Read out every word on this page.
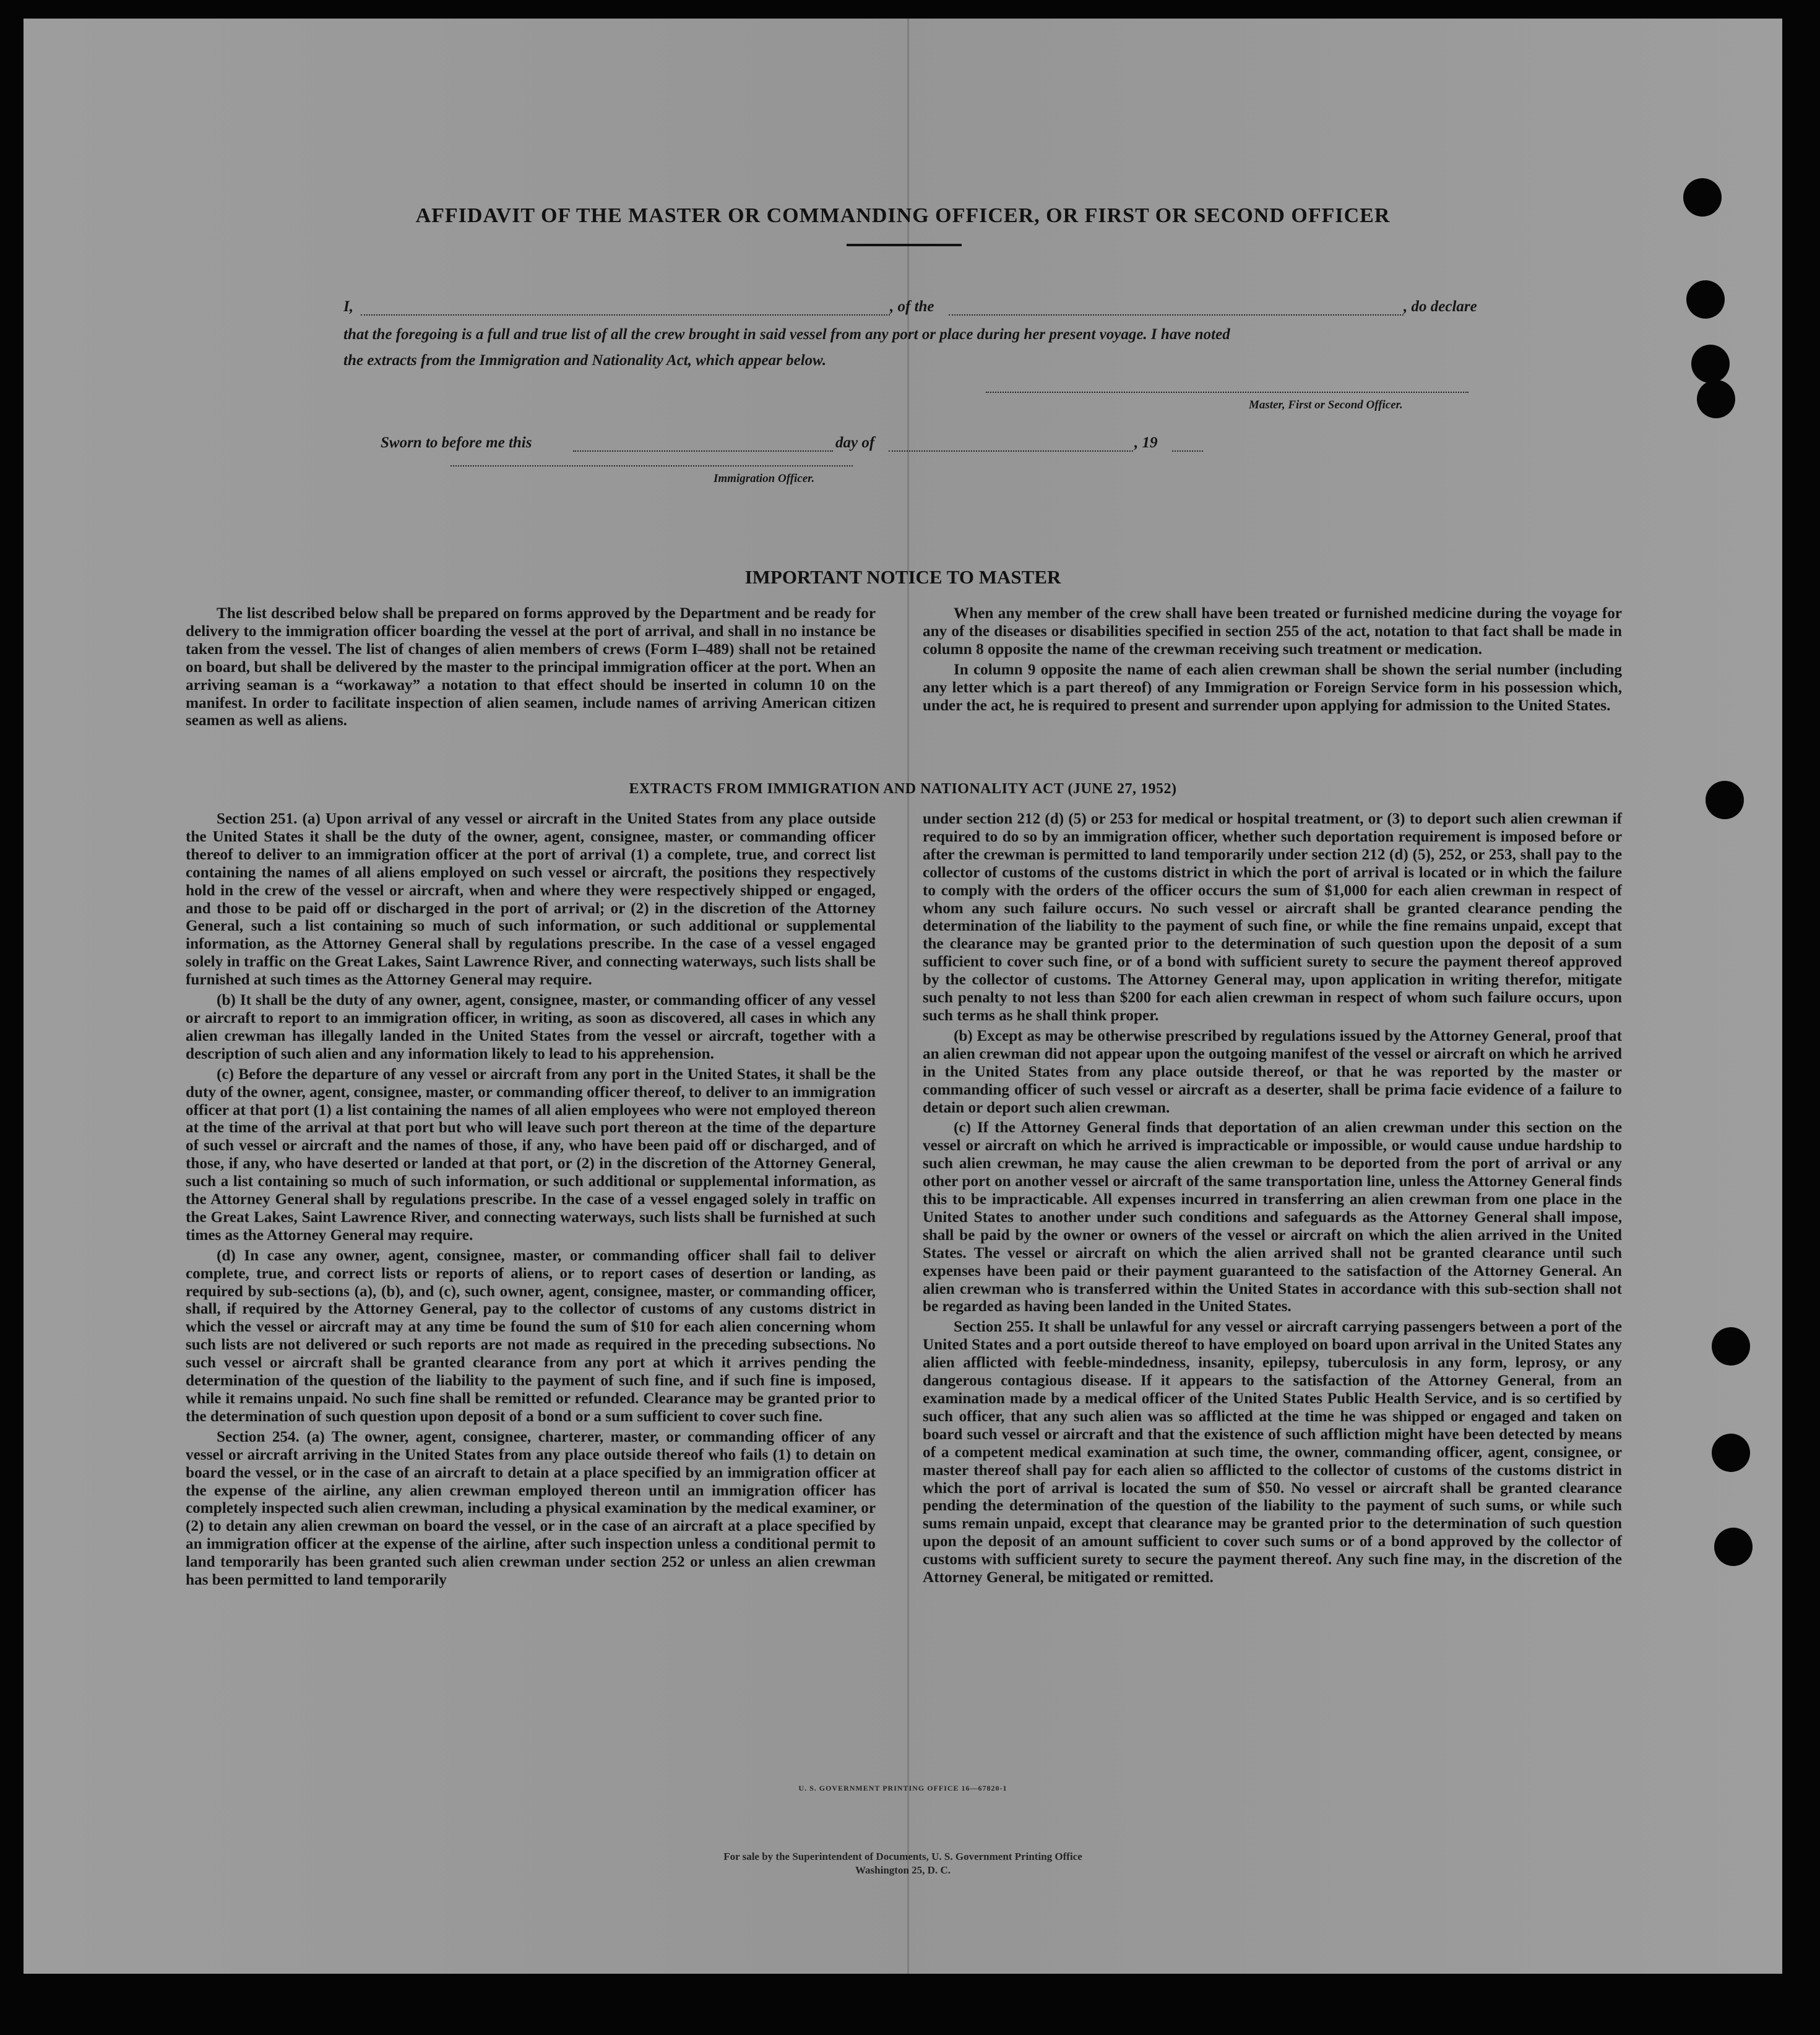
AFFIDAVIT OF THE MASTER OR COMMANDING OFFICER, OR FIRST OR SECOND OFFICER
I,	, of the	, do declare
that the foregoing is a full and true list of all the crew brought in said vessel from any port or place during her present voyage. I have noted
the extracts from the Immigration and Nationality Act, which appear below.
Master, First or Second Officer.
Sworn to before me this	day of	, 19
Immigration Officer.
IMPORTANT NOTICE TO MASTER

The list described below shall be prepared on forms approved by the Department and be ready for delivery to the immigration officer boarding the vessel at the port of arrival, and shall in no instance be taken from the vessel. The list of changes of alien members of crews (Form I–489) shall not be retained on board, but shall be delivered by the master to the principal immigration officer at the port. When an arriving seaman is a “workaway” a notation to that effect should be inserted in column 10 on the manifest. In order to facilitate inspection of alien seamen, include names of arriving American citizen seamen as well as aliens.

When any member of the crew shall have been treated or furnished medicine during the voyage for any of the diseases or disabilities specified in section 255 of the act, notation to that fact shall be made in column 8 opposite the name of the crewman receiving such treatment or medication.

In column 9 opposite the name of each alien crewman shall be shown the serial number (including any letter which is a part thereof) of any Immigration or Foreign Service form in his possession which, under the act, he is required to present and surrender upon applying for admission to the United States.

EXTRACTS FROM IMMIGRATION AND NATIONALITY ACT (JUNE 27, 1952)

Section 251. (a) Upon arrival of any vessel or aircraft in the United States from any place outside the United States it shall be the duty of the owner, agent, consignee, master, or commanding officer thereof to deliver to an immigration officer at the port of arrival (1) a complete, true, and correct list containing the names of all aliens employed on such vessel or aircraft, the positions they respectively hold in the crew of the vessel or aircraft, when and where they were respectively shipped or engaged, and those to be paid off or discharged in the port of arrival; or (2) in the discretion of the Attorney General, such a list containing so much of such information, or such additional or supplemental information, as the Attorney General shall by regulations prescribe. In the case of a vessel engaged solely in traffic on the Great Lakes, Saint Lawrence River, and connecting waterways, such lists shall be furnished at such times as the Attorney General may require.

(b) It shall be the duty of any owner, agent, consignee, master, or commanding officer of any vessel or aircraft to report to an immigration officer, in writing, as soon as discovered, all cases in which any alien crewman has illegally landed in the United States from the vessel or aircraft, together with a description of such alien and any information likely to lead to his apprehension.

(c) Before the departure of any vessel or aircraft from any port in the United States, it shall be the duty of the owner, agent, consignee, master, or commanding officer thereof, to deliver to an immigration officer at that port (1) a list containing the names of all alien employees who were not employed thereon at the time of the arrival at that port but who will leave such port thereon at the time of the departure of such vessel or aircraft and the names of those, if any, who have been paid off or discharged, and of those, if any, who have deserted or landed at that port, or (2) in the discretion of the Attorney General, such a list containing so much of such information, or such additional or supplemental information, as the Attorney General shall by regulations prescribe. In the case of a vessel engaged solely in traffic on the Great Lakes, Saint Lawrence River, and connecting waterways, such lists shall be furnished at such times as the Attorney General may require.

(d) In case any owner, agent, consignee, master, or commanding officer shall fail to deliver complete, true, and correct lists or reports of aliens, or to report cases of desertion or landing, as required by sub-sections (a), (b), and (c), such owner, agent, consignee, master, or commanding officer, shall, if required by the Attorney General, pay to the collector of customs of any customs district in which the vessel or aircraft may at any time be found the sum of $10 for each alien concerning whom such lists are not delivered or such reports are not made as required in the preceding subsections. No such vessel or aircraft shall be granted clearance from any port at which it arrives pending the determination of the question of the liability to the payment of such fine, and if such fine is imposed, while it remains unpaid. No such fine shall be remitted or refunded. Clearance may be granted prior to the determination of such question upon deposit of a bond or a sum sufficient to cover such fine.

Section 254. (a) The owner, agent, consignee, charterer, master, or commanding officer of any vessel or aircraft arriving in the United States from any place outside thereof who fails (1) to detain on board the vessel, or in the case of an aircraft to detain at a place specified by an immigration officer at the expense of the airline, any alien crewman employed thereon until an immigration officer has completely inspected such alien crewman, including a physical examination by the medical examiner, or (2) to detain any alien crewman on board the vessel, or in the case of an aircraft at a place specified by an immigration officer at the expense of the airline, after such inspection unless a conditional permit to land temporarily has been granted such alien crewman under section 252 or unless an alien crewman has been permitted to land temporarily

under section 212 (d) (5) or 253 for medical or hospital treatment, or (3) to deport such alien crewman if required to do so by an immigration officer, whether such deportation requirement is imposed before or after the crewman is permitted to land temporarily under section 212 (d) (5), 252, or 253, shall pay to the collector of customs of the customs district in which the port of arrival is located or in which the failure to comply with the orders of the officer occurs the sum of $1,000 for each alien crewman in respect of whom any such failure occurs. No such vessel or aircraft shall be granted clearance pending the determination of the liability to the payment of such fine, or while the fine remains unpaid, except that the clearance may be granted prior to the determination of such question upon the deposit of a sum sufficient to cover such fine, or of a bond with sufficient surety to secure the payment thereof approved by the collector of customs. The Attorney General may, upon application in writing therefor, mitigate such penalty to not less than $200 for each alien crewman in respect of whom such failure occurs, upon such terms as he shall think proper.

(b) Except as may be otherwise prescribed by regulations issued by the Attorney General, proof that an alien crewman did not appear upon the outgoing manifest of the vessel or aircraft on which he arrived in the United States from any place outside thereof, or that he was reported by the master or commanding officer of such vessel or aircraft as a deserter, shall be prima facie evidence of a failure to detain or deport such alien crewman.

(c) If the Attorney General finds that deportation of an alien crewman under this section on the vessel or aircraft on which he arrived is impracticable or impossible, or would cause undue hardship to such alien crewman, he may cause the alien crewman to be deported from the port of arrival or any other port on another vessel or aircraft of the same transportation line, unless the Attorney General finds this to be impracticable. All expenses incurred in transferring an alien crewman from one place in the United States to another under such conditions and safeguards as the Attorney General shall impose, shall be paid by the owner or owners of the vessel or aircraft on which the alien arrived in the United States. The vessel or aircraft on which the alien arrived shall not be granted clearance until such expenses have been paid or their payment guaranteed to the satisfaction of the Attorney General. An alien crewman who is transferred within the United States in accordance with this sub-section shall not be regarded as having been landed in the United States.

Section 255. It shall be unlawful for any vessel or aircraft carrying passengers between a port of the United States and a port outside thereof to have employed on board upon arrival in the United States any alien afflicted with feeble-mindedness, insanity, epilepsy, tuberculosis in any form, leprosy, or any dangerous contagious disease. If it appears to the satisfaction of the Attorney General, from an examination made by a medical officer of the United States Public Health Service, and is so certified by such officer, that any such alien was so afflicted at the time he was shipped or engaged and taken on board such vessel or aircraft and that the existence of such affliction might have been detected by means of a competent medical examination at such time, the owner, commanding officer, agent, consignee, or master thereof shall pay for each alien so afflicted to the collector of customs of the customs district in which the port of arrival is located the sum of $50. No vessel or aircraft shall be granted clearance pending the determination of the question of the liability to the payment of such sums, or while such sums remain unpaid, except that clearance may be granted prior to the determination of such question upon the deposit of an amount sufficient to cover such sums or of a bond approved by the collector of customs with sufficient surety to secure the payment thereof. Any such fine may, in the discretion of the Attorney General, be mitigated or remitted.

U. S. GOVERNMENT PRINTING OFFICE 16—67820-1
For sale by the Superintendent of Documents, U. S. Government Printing Office
Washington 25, D. C.
